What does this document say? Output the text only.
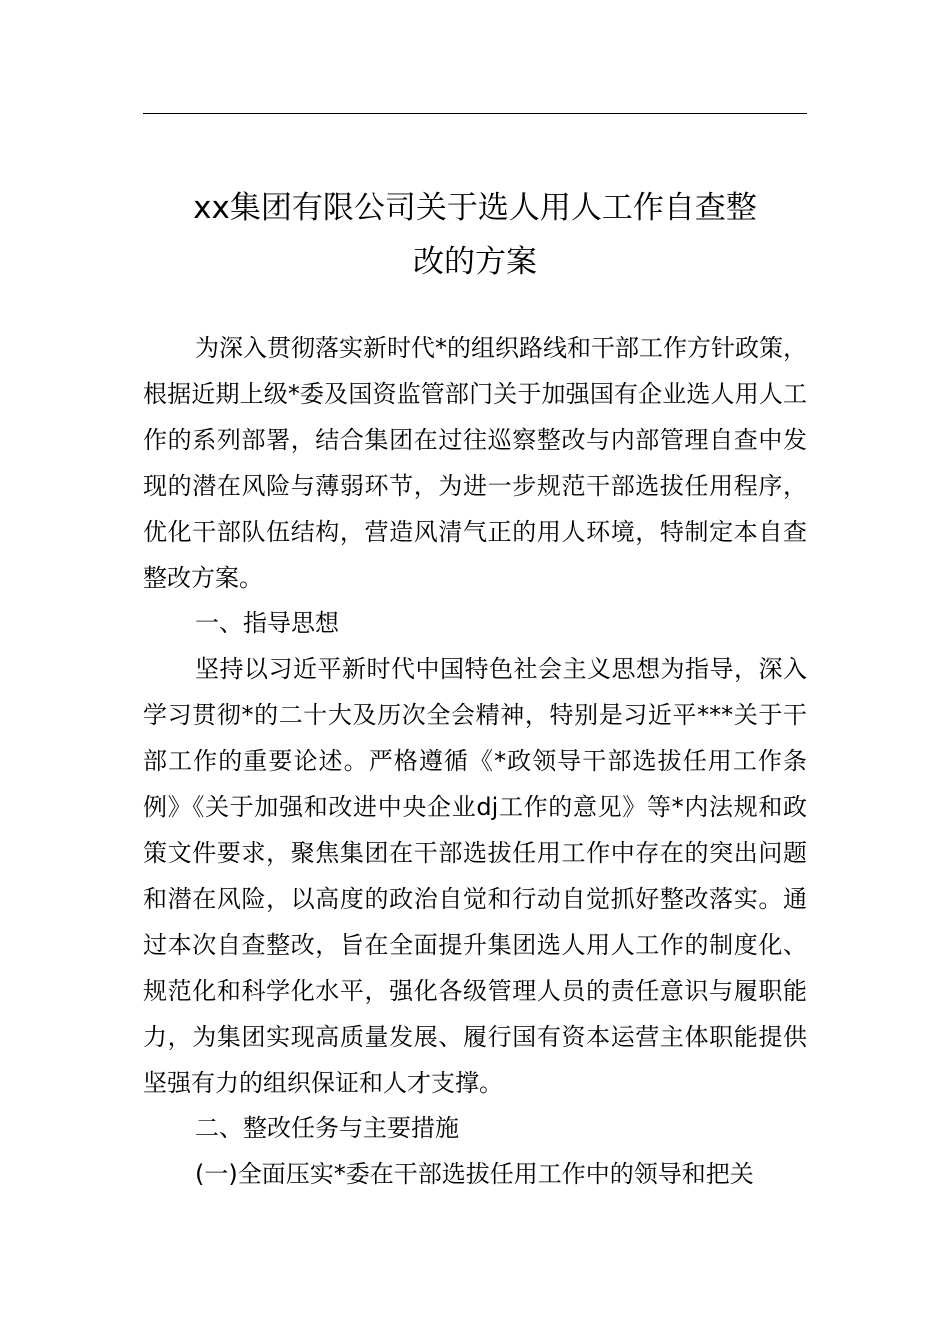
xx集团有限公司关于选人用人工作自查整
改的方案

为深入贯彻落实新时代*的组织路线和干部工作方针政策，根据近期上级*委及国资监管部门关于加强国有企业选人用人工作的系列部署，结合集团在过往巡察整改与内部管理自查中发现的潜在风险与薄弱环节，为进一步规范干部选拔任用程序，优化干部队伍结构，营造风清气正的用人环境，特制定本自查整改方案。

一、指导思想

坚持以习近平新时代中国特色社会主义思想为指导，深入学习贯彻*的二十大及历次全会精神，特别是习近平***关于干部工作的重要论述。严格遵循《*政领导干部选拔任用工作条例》《关于加强和改进中央企业dj工作的意见》等*内法规和政策文件要求，聚焦集团在干部选拔任用工作中存在的突出问题和潜在风险，以高度的政治自觉和行动自觉抓好整改落实。通过本次自查整改，旨在全面提升集团选人用人工作的制度化、规范化和科学化水平，强化各级管理人员的责任意识与履职能力，为集团实现高质量发展、履行国有资本运营主体职能提供坚强有力的组织保证和人才支撑。

二、整改任务与主要措施

(一)全面压实*委在干部选拔任用工作中的领导和把关
